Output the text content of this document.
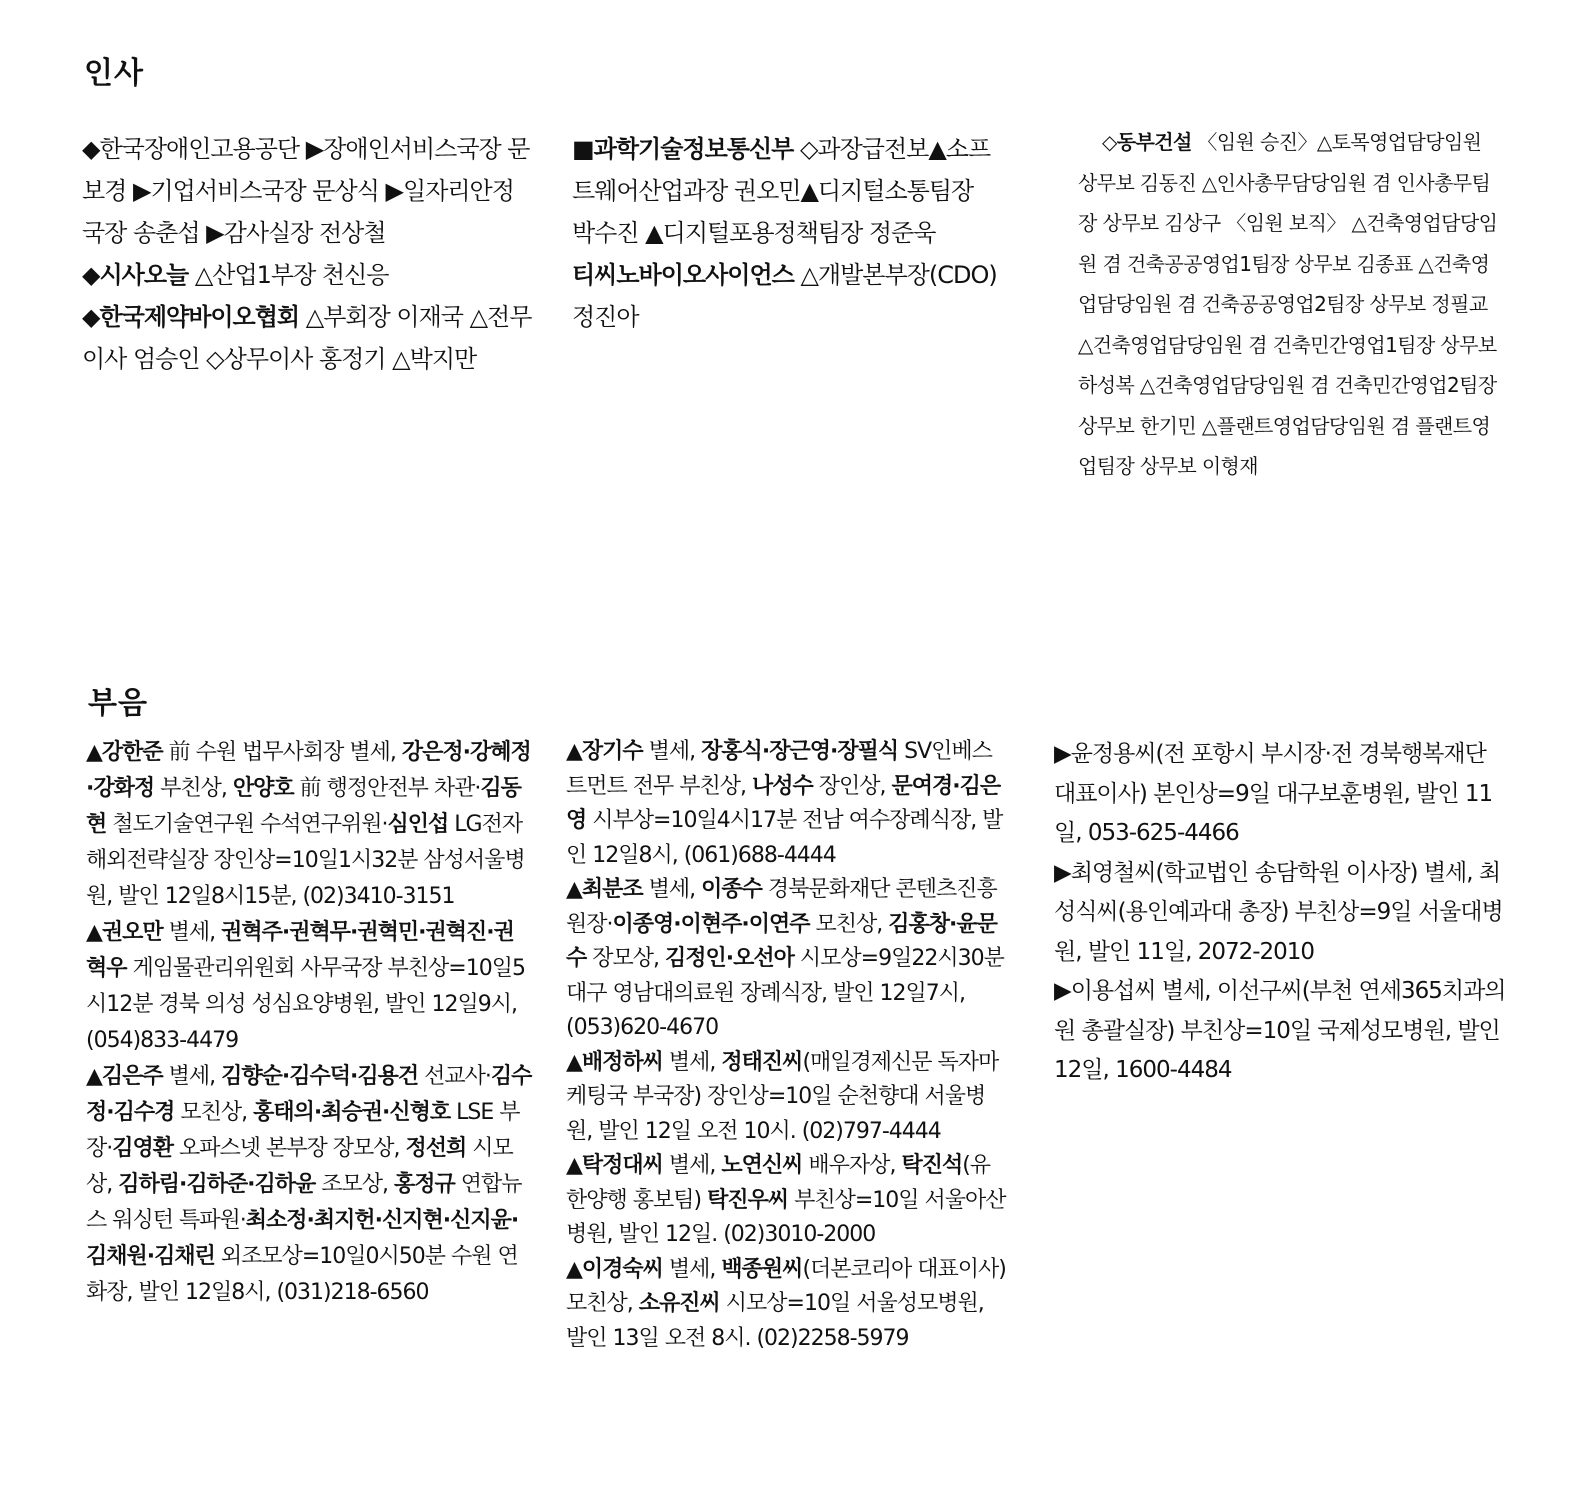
인사

◆한국장애인고용공단 ▶장애인서비스국장 문보경 ▶기업서비스국장 문상식 ▶일자리안정국장 송춘섭 ▶감사실장 전상철

◆시사오늘 △산업1부장 천신응

◆한국제약바이오협회 △부회장 이재국 △전무이사 엄승인 ◇상무이사 홍정기 △박지만

■과학기술정보통신부 ◇과장급전보▲소프트웨어산업과장 권오민▲디지털소통팀장 박수진 ▲디지털포용정책팀장 정준욱

티씨노바이오사이언스 △개발본부장(CDO) 정진아

◇동부건설 〈임원 승진〉△토목영업담당임원 상무보 김동진 △인사총무담당임원 겸 인사총무팀장 상무보 김상구 〈임원 보직〉 △건축영업담당임원 겸 건축공공영업1팀장 상무보 김종표 △건축영업담당임원 겸 건축공공영업2팀장 상무보 정필교 △건축영업담당임원 겸 건축민간영업1팀장 상무보 하성복 △건축영업담당임원 겸 건축민간영업2팀장 상무보 한기민 △플랜트영업담당임원 겸 플랜트영업팀장 상무보 이형재

부음

▲강한준 前 수원 법무사회장 별세, 강은정·강혜정·강화정 부친상, 안양호 前 행정안전부 차관·김동현 철도기술연구원 수석연구위원·심인섭 LG전자 해외전략실장 장인상=10일1시32분 삼성서울병원, 발인 12일8시15분, (02)3410-3151

▲권오만 별세, 권혁주·권혁무·권혁민·권혁진·권혁우 게임물관리위원회 사무국장 부친상=10일5시12분 경북 의성 성심요양병원, 발인 12일9시, (054)833-4479

▲김은주 별세, 김향순·김수덕·김용건 선교사·김수정·김수경 모친상, 홍태의·최승권·신형호 LSE 부장·김영환 오파스넷 본부장 장모상, 정선희 시모상, 김하림·김하준·김하윤 조모상, 홍정규 연합뉴스 워싱턴 특파원·최소정·최지헌·신지현·신지윤·김채원·김채린 외조모상=10일0시50분 수원 연화장, 발인 12일8시, (031)218-6560

▲장기수 별세, 장홍식·장근영·장필식 SV인베스트먼트 전무 부친상, 나성수 장인상, 문여경·김은영 시부상=10일4시17분 전남 여수장례식장, 발인 12일8시, (061)688-4444

▲최분조 별세, 이종수 경북문화재단 콘텐츠진흥원장·이종영·이현주·이연주 모친상, 김홍창·윤문수 장모상, 김정인·오선아 시모상=9일22시30분 대구 영남대의료원 장례식장, 발인 12일7시, (053)620-4670

▲배정하씨 별세, 정태진씨(매일경제신문 독자마케팅국 부국장) 장인상=10일 순천향대 서울병원, 발인 12일 오전 10시. (02)797-4444

▲탁정대씨 별세, 노연신씨 배우자상, 탁진석(유한양행 홍보팀) 탁진우씨 부친상=10일 서울아산병원, 발인 12일. (02)3010-2000

▲이경숙씨 별세, 백종원씨(더본코리아 대표이사) 모친상, 소유진씨 시모상=10일 서울성모병원, 발인 13일 오전 8시. (02)2258-5979

▶윤정용씨(전 포항시 부시장·전 경북행복재단 대표이사) 본인상=9일 대구보훈병원, 발인 11일, 053-625-4466

▶최영철씨(학교법인 송담학원 이사장) 별세, 최성식씨(용인예과대 총장) 부친상=9일 서울대병원, 발인 11일, 2072-2010

▶이용섭씨 별세, 이선구씨(부천 연세365치과의원 총괄실장) 부친상=10일 국제성모병원, 발인 12일, 1600-4484
